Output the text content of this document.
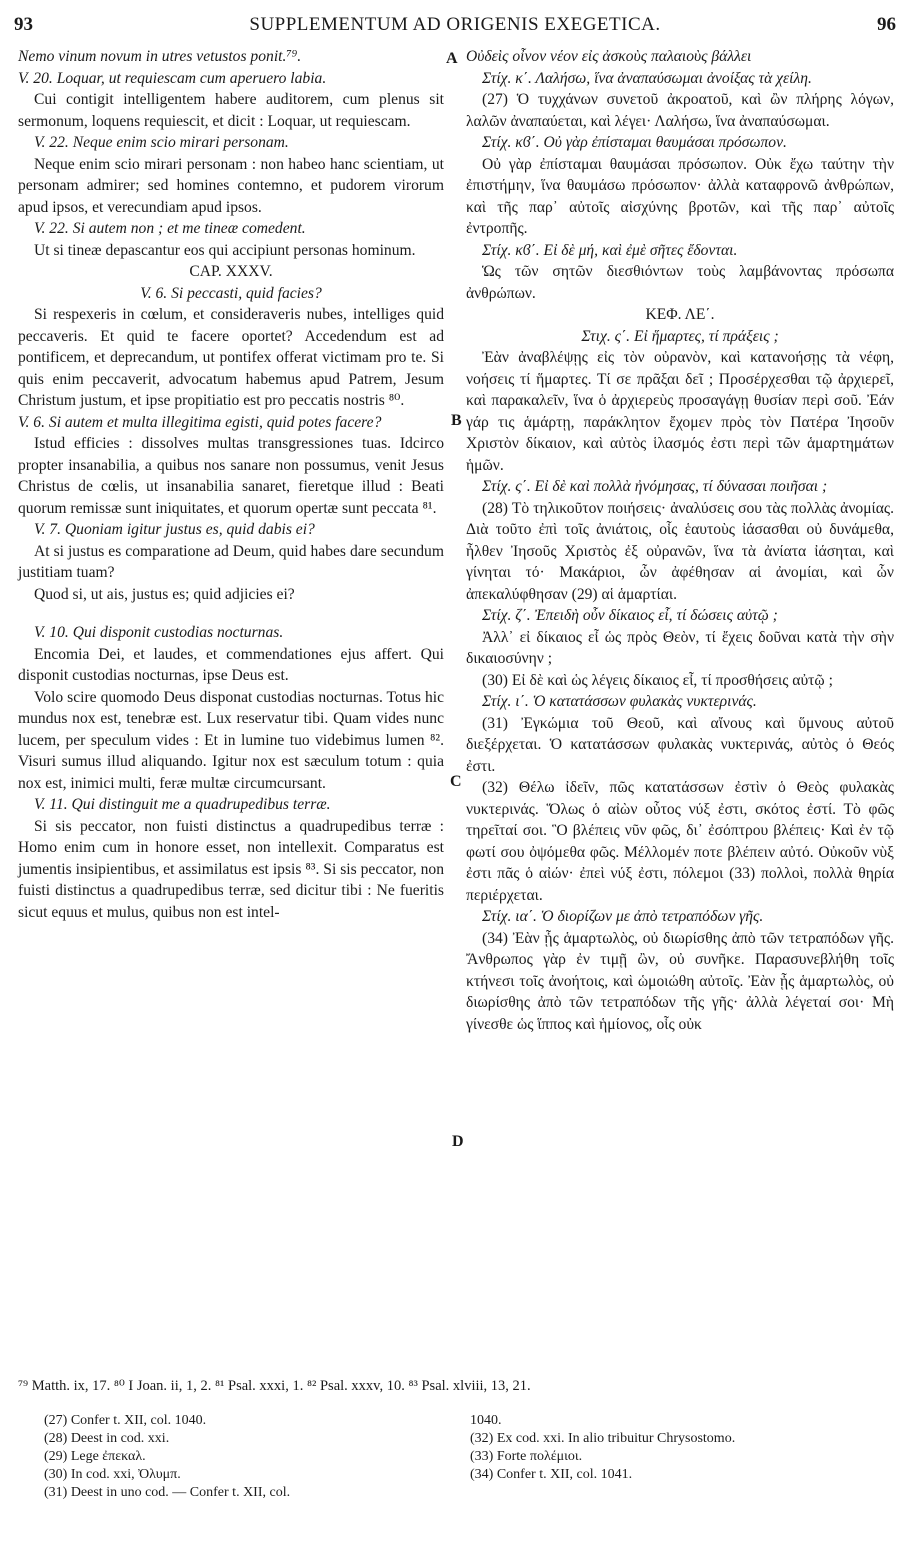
93	SUPPLEMENTUM AD ORIGENIS EXEGETICA.	96

Nemo vinum novum in utres vetustos ponit.⁷⁹.

V. 20. Loquar, ut requiescam cum aperuero labia.

Cui contigit intelligentem habere auditorem, cum plenus sit sermonum, loquens requiescit, et dicit : Loquar, ut requiescam.

V. 22. Neque enim scio mirari personam.

Neque enim scio mirari personam : non habeo hanc scientiam, ut personam admirer; sed homines contemno, et pudorem virorum apud ipsos, et verecundiam apud ipsos.

V. 22. Si autem non ; et me tineæ comedent.

Ut si tineæ depascantur eos qui accipiunt personas hominum.

CAP. XXXV.

V. 6. Si peccasti, quid facies?

Si respexeris in cœlum, et consideraveris nubes, intelliges quid peccaveris. Et quid te facere oportet? Accedendum est ad pontificem, et deprecandum, ut pontifex offerat victimam pro te. Si quis enim peccaverit, advocatum habemus apud Patrem, Jesum Christum justum, et ipse propitiatio est pro peccatis nostris ⁸⁰.

V. 6. Si autem et multa illegitima egisti, quid potes facere?

Istud efficies : dissolves multas transgressiones tuas. Idcirco propter insanabilia, a quibus nos sanare non possumus, venit Jesus Christus de cœlis, ut insanabilia sanaret, fieretque illud : Beati quorum remissæ sunt iniquitates, et quorum opertæ sunt peccata ⁸¹.

V. 7. Quoniam igitur justus es, quid dabis ei?

At si justus es comparatione ad Deum, quid habes dare secundum justitiam tuam?

Quod si, ut ais, justus es; quid adjicies ei?

V. 10. Qui disponit custodias nocturnas.

Encomia Dei, et laudes, et commendationes ejus affert. Qui disponit custodias nocturnas, ipse Deus est.

Volo scire quomodo Deus disponat custodias nocturnas. Totus hic mundus nox est, tenebræ est. Lux reservatur tibi. Quam vides nunc lucem, per speculum vides : Et in lumine tuo videbimus lumen ⁸². Visuri sumus illud aliquando. Igitur nox est sæculum totum : quia nox est, inimici multi, feræ multæ circumcursant.

V. 11. Qui distinguit me a quadrupedibus terræ.

Si sis peccator, non fuisti distinctus a quadrupedibus terræ : Homo enim cum in honore esset, non intellexit. Comparatus est jumentis insipientibus, et assimilatus est ipsis ⁸³. Si sis peccator, non fuisti distinctus a quadrupedibus terræ, sed dicitur tibi : Ne fueritis sicut equus et mulus, quibus non est intel-

Οὐδεὶς οἶνον νέον εἰς ἀσκοὺς παλαιοὺς βάλλει

Στίχ. κ΄. Λαλήσω, ἵνα ἀναπαύσωμαι ἀνοίξας τὰ χείλη.

(27) Ὁ τυχχάνων συνετοῦ ἀκροατοῦ, καὶ ὢν πλήρης λόγων, λαλῶν ἀναπαύεται, καὶ λέγει· Λαλήσω, ἵνα ἀναπαύσωμαι.

Στίχ. κϐ΄. Οὐ γὰρ ἐπίσταμαι θαυμάσαι πρόσωπον.

Οὐ γὰρ ἐπίσταμαι θαυμάσαι πρόσωπον. Οὐκ ἔχω ταύτην τὴν ἐπιστήμην, ἵνα θαυμάσω πρόσωπον· ἀλλὰ καταφρονῶ ἀνθρώπων, καὶ τῆς παρ᾽ αὐτοῖς αἰσχύνης βροτῶν, καὶ τῆς παρ᾽ αὐτοῖς ἐντροπῆς.

Στίχ. κϐ΄. Εἰ δὲ μή, καὶ ἐμὲ σῆτες ἔδονται.

Ὡς τῶν σητῶν διεσθιόντων τοὺς λαμβάνοντας πρόσωπα ἀνθρώπων.

ΚΕΦ. ΛΕ΄.

Στιχ. ς΄. Εἰ ἥμαρτες, τί πράξεις ;

Ἐὰν ἀναβλέψῃς εἰς τὸν οὐρανὸν, καὶ κατανοήσῃς τὰ νέφη, νοήσεις τί ἥμαρτες. Τί σε πρᾶξαι δεῖ ; Προσέρχεσθαι τῷ ἀρχιερεῖ, καὶ παρακαλεῖν, ἵνα ὁ ἀρχιερεὺς προσαγάγῃ θυσίαν περὶ σοῦ. Ἐάν γάρ τις ἁμάρτῃ, παράκλητον ἔχομεν πρὸς τὸν Πατέρα Ἰησοῦν Χριστὸν δίκαιον, καὶ αὐτὸς ἱλασμός ἐστι περὶ τῶν ἁμαρτημάτων ἡμῶν.

Στίχ. ς΄. Εἰ δὲ καὶ πολλὰ ἠνόμησας, τί δύνασαι ποιῆσαι ;

(28) Τὸ τηλικοῦτον ποιήσεις· ἀναλύσεις σου τὰς πολλὰς ἀνομίας. Διὰ τοῦτο ἐπὶ τοῖς ἀνιάτοις, οἷς ἑαυτοὺς ἰάσασθαι οὐ δυνάμεθα, ἦλθεν Ἰησοῦς Χριστὸς ἐξ οὐρανῶν, ἵνα τὰ ἀνίατα ἰάσηται, καὶ γίνηται τό· Μακάριοι, ὧν ἀφέθησαν αἱ ἀνομίαι, καὶ ὧν ἀπεκαλύφθησαν (29) αἱ ἁμαρτίαι.

Στίχ. ζ΄. Ἐπειδὴ οὖν δίκαιος εἶ, τί δώσεις αὐτῷ ;

Ἀλλ᾽ εἰ δίκαιος εἶ ὡς πρὸς Θεὸν, τί ἔχεις δοῦναι κατὰ τὴν σὴν δικαιοσύνην ;

(30) Εἰ δὲ καὶ ὡς λέγεις δίκαιος εἶ, τί προσθήσεις αὐτῷ ;

Στίχ. ι΄. Ὁ κατατάσσων φυλακὰς νυκτερινάς.

(31) Ἐγκώμια τοῦ Θεοῦ, καὶ αἴνους καὶ ὕμνους αὐτοῦ διεξέρχεται. Ὁ κατατάσσων φυλακὰς νυκτερινάς, αὐτὸς ὁ Θεός ἐστι.

(32) Θέλω ἰδεῖν, πῶς κατατάσσων ἐστὶν ὁ Θεὸς φυλακὰς νυκτερινάς. Ὅλως ὁ αἰὼν οὗτος νύξ ἐστι, σκότος ἐστί. Τὸ φῶς τηρεῖταί σοι. Ὃ βλέπεις νῦν φῶς, δι᾽ ἐσόπτρου βλέπεις· Καὶ ἐν τῷ φωτί σου ὀψόμεθα φῶς. Μέλλομέν ποτε βλέπειν αὐτό. Οὐκοῦν νὺξ ἐστι πᾶς ὁ αἰών· ἐπεὶ νύξ ἐστι, πόλεμοι (33) πολλοὶ, πολλὰ θηρία περιέρχεται.

Στίχ. ια΄. Ὁ διορίζων με ἀπὸ τετραπόδων γῆς.

(34) Ἐὰν ᾖς ἁμαρτωλὸς, οὐ διωρίσθης ἀπὸ τῶν τετραπόδων γῆς. Ἄνθρωπος γὰρ ἐν τιμῇ ὢν, οὐ συνῆκε. Παρασυνεβλήθη τοῖς κτήνεσι τοῖς ἀνοήτοις, καὶ ὡμοιώθη αὐτοῖς. Ἐὰν ᾖς ἁμαρτωλὸς, οὐ διωρίσθης ἀπὸ τῶν τετραπόδων τῆς γῆς· ἀλλὰ λέγεταί σοι· Μὴ γίνεσθε ὡς ἵππος καὶ ἡμίονος, οἷς οὐκ

A
B
C
D
⁷⁹ Matth. ix, 17. ⁸⁰ I Joan. ii, 1, 2. ⁸¹ Psal. xxxi, 1. ⁸² Psal. xxxv, 10. ⁸³ Psal. xlviii, 13, 21.
(27) Confer t. XII, col. 1040.
(28) Deest in cod. xxi.
(29) Lege ἐπεκαλ.
(30) In cod. xxi, Ὀλυμπ.
(31) Deest in uno cod. — Confer t. XII, col.
1040.
(32) Ex cod. xxi. In alio tribuitur Chrysostomo.
(33) Forte πολέμιοι.
(34) Confer t. XII, col. 1041.
